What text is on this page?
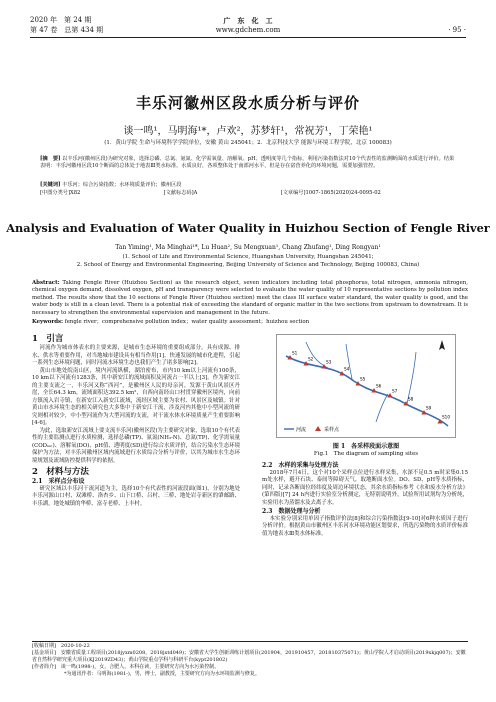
2020 年　第 24 期
第 47 卷　总第 434 期
广　东　化　工
www.gdchem.com	· 95 ·
丰乐河徽州区段水质分析与评价
谈一鸣¹，马明海¹*，卢欢²，苏梦轩¹，常祝芳¹，丁荣艳¹
(1．黄山学院 生命与环境科学学院单位，安徽 黄山 245041；2．北京科技大学 能源与环境工程学院，北京 100083)
[摘　要] 以丰乐河(徽州区段)为研究对象，选择总磷、总氮、氨氮、化学需氧量、溶解氧、pH、透明度等几个指标，利用污染指数法对10个代表性的监测断面的水质进行评价。结果表明：丰乐河徽州区段10个断面的总体处于地表Ⅲ类水标准，水质良好，各项整体处于南部河水平，但是存在富营养化的环境问题，需要加强管控。
[关键词] 丰乐河；综合污染指数；水环境质量评价；徽州区段
[中图分类号]X82	[文献标志码]A	[文章编号]1007-1865(2020)24-0095-02
Analysis and Evaluation of Water Quality in Huizhou Section of Fengle River
Tan Yiming¹, Ma Minghai¹*, Lu Huan², Su Mengxuan¹, Chang Zhufang¹, Ding Rongyan¹
(1. School of Life and Environmental Science, Huangshan University, Huangshan 245041;
2. School of Energy and Environmental Engineering, Beijing University of Science and Technology, Beijing 100083, China)
Abstract: Taking Fengle River (Huizhou Section) as the research object, seven indicators including total phosphorus, total nitrogen, ammonia nitrogen, chemical oxygen demand, dissolved oxygen, pH and transparency were selected to evaluate the water quality of 10 representative sections by pollution index method. The results show that the 10 sections of Fengle River (Huizhou section) meet the class III surface water standard, the water quality is good, and the water body is still in a clean level. There is a potential risk of exceeding the standard of organic matter in the two sections from upstream to downstream. It is necessary to strengthen the environmental supervision and management in the future.
Keywords: fengle river；comprehensive pollution index；water quality assessment；huizhou section
1　引言

河流作为城市体表水的主要来源，是城市生态环境的重要组成部分，具有成源、排水、供水等重要作用，对当地城市建设具有相当作用[1]。快速发展的城市化进程，引起一系列生态环境问题，同时河流水环境生态也我们产生了诸多影响[2]。

黄山市地处皖南山区，境内河流纵横，湖泊密布，市内10 km以上河流有100条，10 km以下河流有1283条，其中新安江的流域面积及河流占一半以上[3]。作为新安江的主要支流之一，丰乐河又称“西河”，是徽州区人民的母亲河，发源于黄山风景区丹崖，全长64.3 km，流域面积达392.5 km²，自西向南经山口村贯穿徽州区境内，向前方镇流入岩寺镇，在新安江入新安江流域，流经区域主要为农村、风景区及城镇。针对黄山市水环境生态的相关研究也大多集中于新安江干流，涉及河内其他中小型河流的研究则相对较少，中小型河流作为大型河流的支流，对干流水体水环境质量产生重要影响[4-6]。

为此，选取新安江流域上要支流丰乐河(徽州区段)为主要研究对象，选取10个有代表性的主要监测点进行水质检测，选择总磷(TP)、氨氮(NH₃-N)、总氮(TP)、化学需氧量(CODₘₙ)、溶解氧(DO)、pH值、透明度(SD)进行综合水质评价，结合污染水生态环境保护为方法，对丰乐河徽州区域内流域进行水质综合分析与评价，以其为城市水生态环境规划及流域防控提供科学的依据。

2　材料与方法
2.1　采样点分布设

研究区域以丰乐河干流河道为主，选择10个有代表性的河流段面(图1)，分别为地处丰乐河源山口村、双滩桥、洛杏乡、山下口桥、吕村、三桥、地处岩寺新区的肇邮路、丰乐湖，地处城镇的华桥、富寺老桥、上丰村。

S1
S2
S3
S4
S5
S6
S7
S8
S9
S10
河流	采样点
图 1　各采样段面示意图
Fig.1　The diagram of sampling sites
2.2　水样的采集与处理方法

2018年7月4日，这个对10个采样点位进行水样采集，水深不足0.5 m时采集0.15 m处水样，避开石块、泰间等障碍天气，取地断面水位。DO、SD、pH等水质指标，同时，记录各断面位经纬度及周边环境状态，其余水质指标参考《水和废水分析方法》(第四版)[7] 24 h内进行实验室分析测定，无特别说明外，试验所用试剂均为分析纯，实验用水为蒸馏水及去离子水。

2.3　数据处理与分析

本实验分别采用单因子指数评价法[8]和综合污染指数法[9-10]对6种水质因子进行分析评价。根据黄山市徽州区丰乐河水环境功能区划要求，所选污染物的水质评价标准值为地表水Ⅲ类水体标准。

[收稿日期]　 2020-10-22
[基金项目]　 安徽省质量工程项目(2018jyxm0208，2018jxtd049)；安徽省大学生创新训练计划项目(201904，201910457，201810375071)；黄山学院人才启动项目(2019xkjq007)；安徽省自然科学研究重大项目(KJ2019ZD43)；黄山学院重点学科与科研平台(kypt201802)
[作者简介]　 谈一鸣(1998-)，女，合肥人，本科在读，主要研究方向为水污染控制。
*为通讯作者：马明海(1981-)，男，博士，副教授，主要研究方向为水环境监测与修复。
